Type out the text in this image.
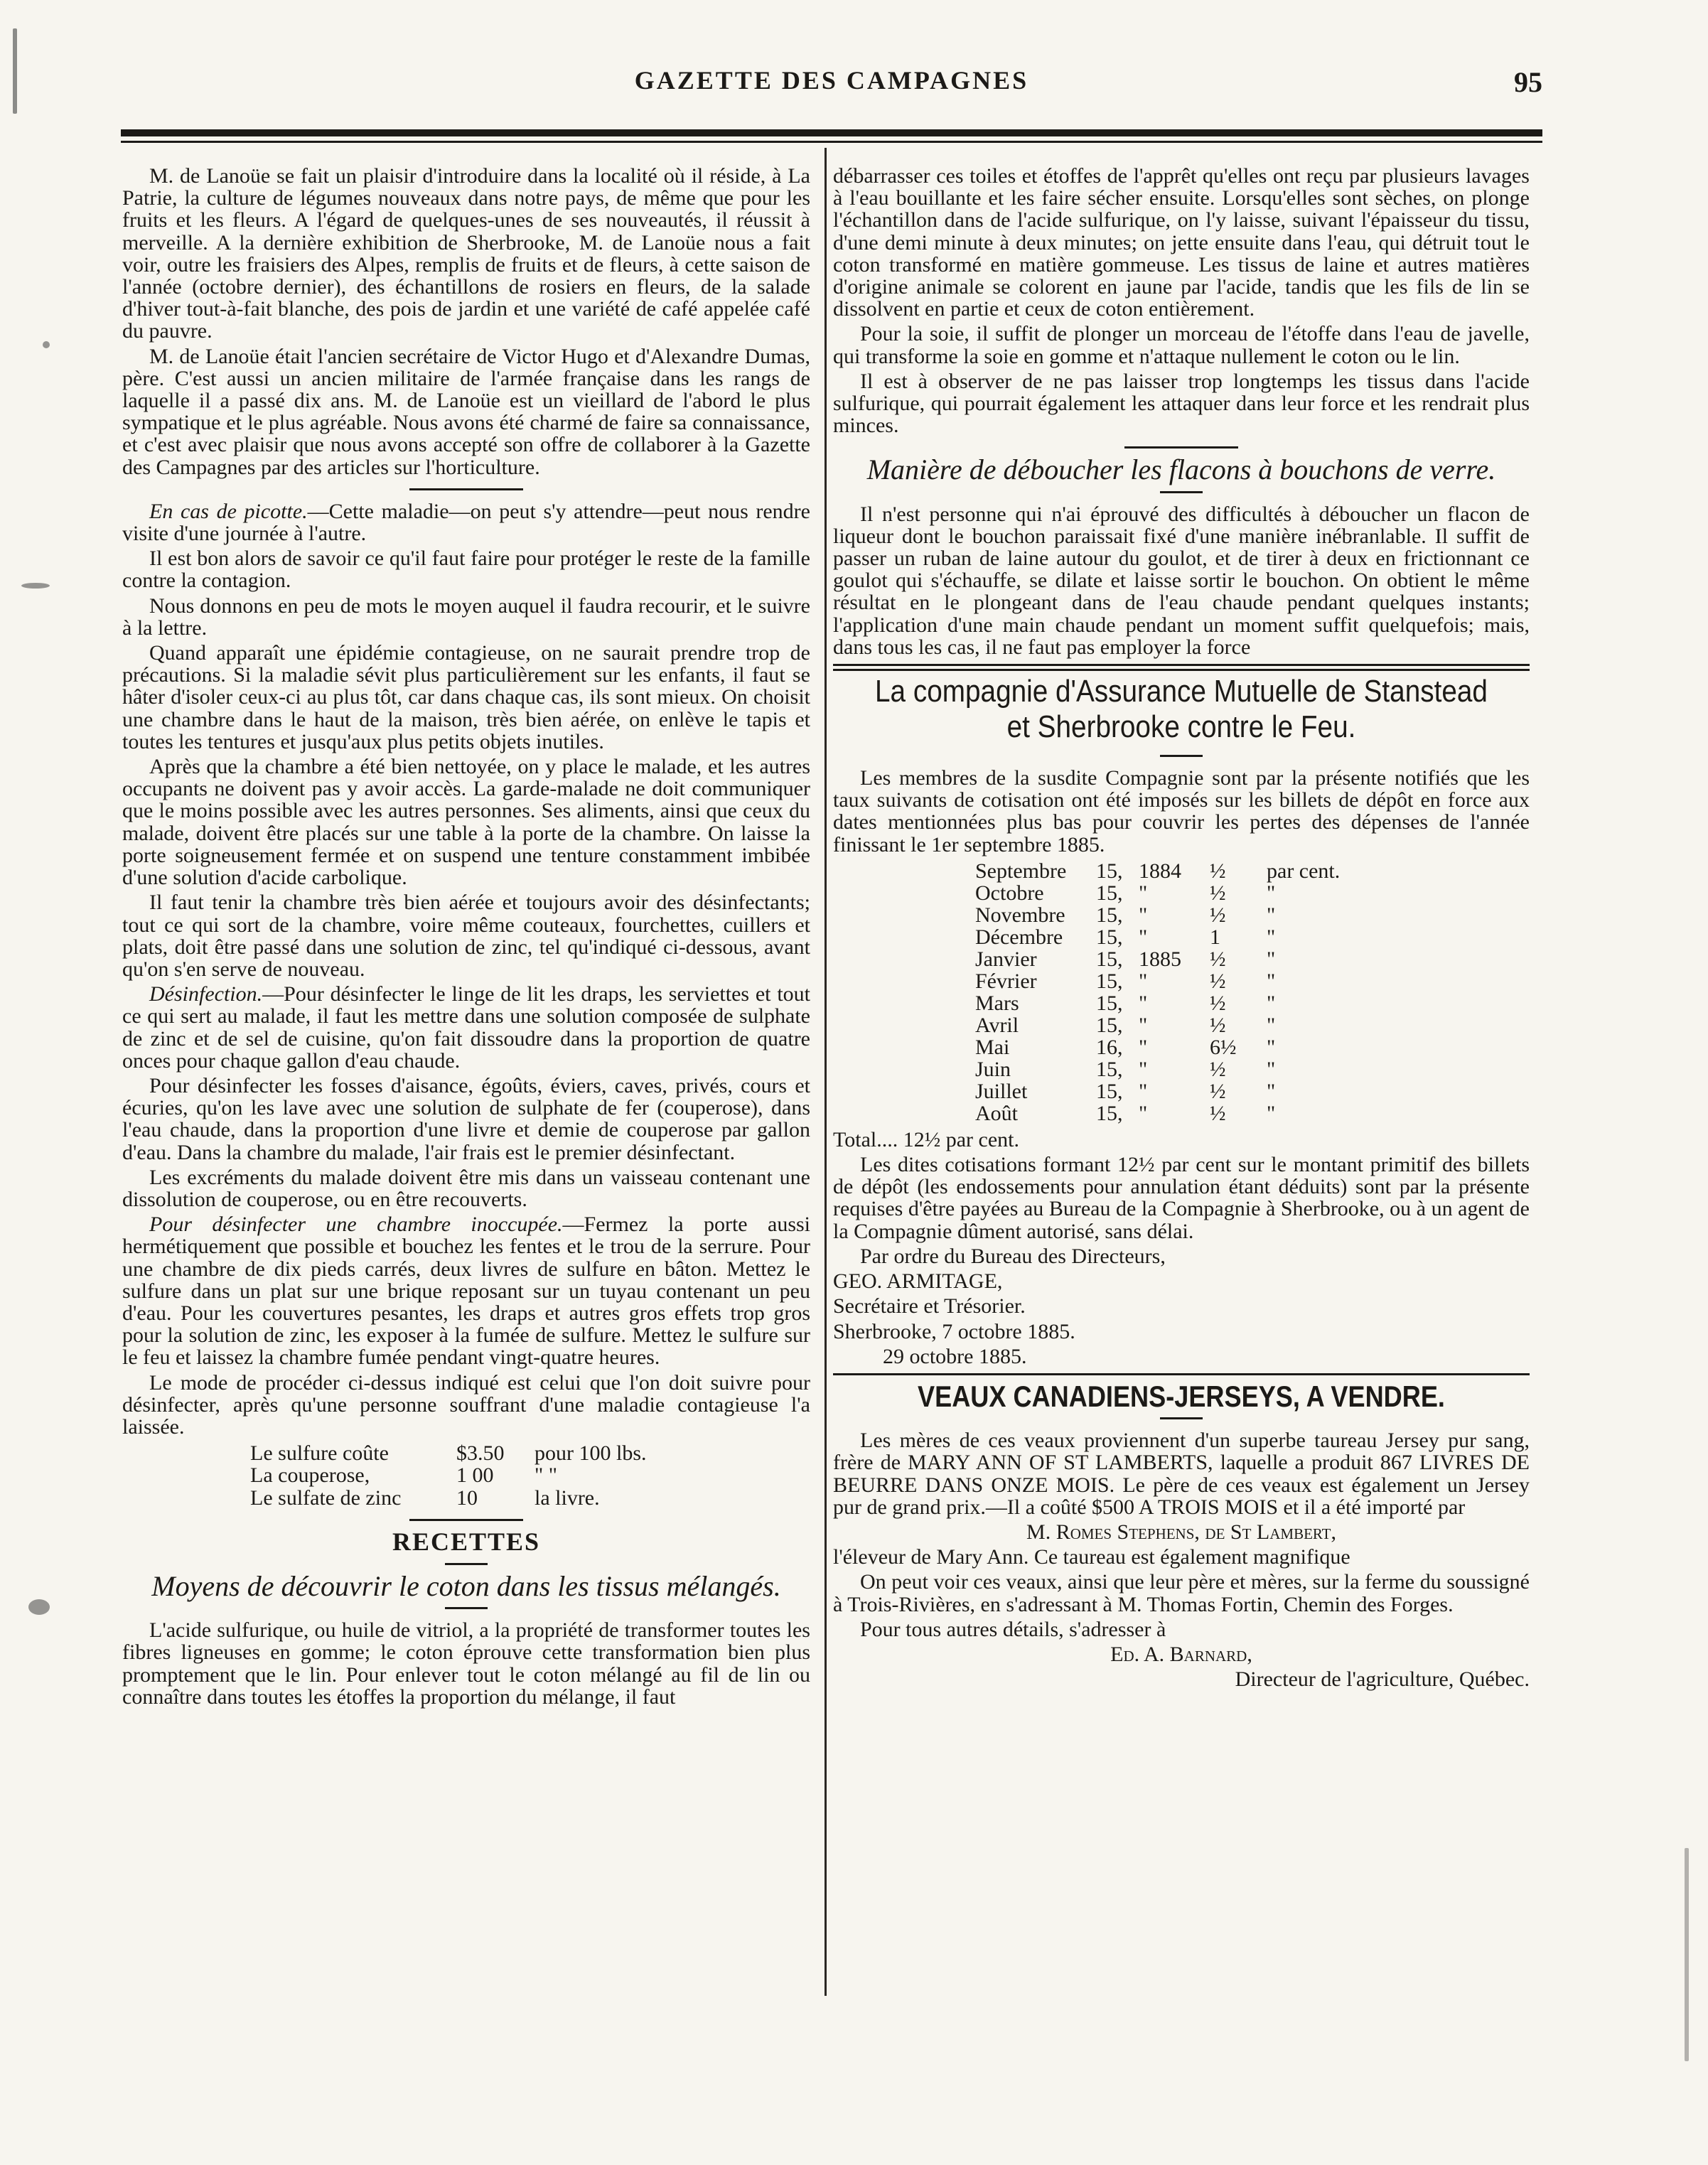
GAZETTE DES CAMPAGNES	95

M. de Lanoüe se fait un plaisir d'introduire dans la localité où il réside, à La Patrie, la culture de légumes nouveaux dans notre pays, de même que pour les fruits et les fleurs. A l'égard de quelques-unes de ses nouveautés, il réussit à merveille. A la dernière exhibition de Sherbrooke, M. de Lanoüe nous a fait voir, outre les fraisiers des Alpes, remplis de fruits et de fleurs, à cette saison de l'année (octobre dernier), des échantillons de rosiers en fleurs, de la salade d'hiver tout-à-fait blanche, des pois de jardin et une variété de café appelée café du pauvre.

M. de Lanoüe était l'ancien secrétaire de Victor Hugo et d'Alexandre Dumas, père. C'est aussi un ancien militaire de l'armée française dans les rangs de laquelle il a passé dix ans. M. de Lanoüe est un vieillard de l'abord le plus sympatique et le plus agréable. Nous avons été charmé de faire sa connaissance, et c'est avec plaisir que nous avons accepté son offre de collaborer à la Gazette des Campagnes par des articles sur l'horticulture.

En cas de picotte.—Cette maladie—on peut s'y attendre—peut nous rendre visite d'une journée à l'autre.

Il est bon alors de savoir ce qu'il faut faire pour protéger le reste de la famille contre la contagion.

Nous donnons en peu de mots le moyen auquel il faudra recourir, et le suivre à la lettre.

Quand apparaît une épidémie contagieuse, on ne saurait prendre trop de précautions. Si la maladie sévit plus particulièrement sur les enfants, il faut se hâter d'isoler ceux-ci au plus tôt, car dans chaque cas, ils sont mieux. On choisit une chambre dans le haut de la maison, très bien aérée, on enlève le tapis et toutes les tentures et jusqu'aux plus petits objets inutiles.

Après que la chambre a été bien nettoyée, on y place le malade, et les autres occupants ne doivent pas y avoir accès. La garde-malade ne doit communiquer que le moins possible avec les autres personnes. Ses aliments, ainsi que ceux du malade, doivent être placés sur une table à la porte de la chambre. On laisse la porte soigneusement fermée et on suspend une tenture constamment imbibée d'une solution d'acide carbolique.

Il faut tenir la chambre très bien aérée et toujours avoir des désinfectants; tout ce qui sort de la chambre, voire même couteaux, fourchettes, cuillers et plats, doit être passé dans une solution de zinc, tel qu'indiqué ci-dessous, avant qu'on s'en serve de nouveau.

Désinfection.—Pour désinfecter le linge de lit les draps, les serviettes et tout ce qui sert au malade, il faut les mettre dans une solution composée de sulphate de zinc et de sel de cuisine, qu'on fait dissoudre dans la proportion de quatre onces pour chaque gallon d'eau chaude.

Pour désinfecter les fosses d'aisance, égoûts, éviers, caves, privés, cours et écuries, qu'on les lave avec une solution de sulphate de fer (couperose), dans l'eau chaude, dans la proportion d'une livre et demie de couperose par gallon d'eau. Dans la chambre du malade, l'air frais est le premier désinfectant.

Les excréments du malade doivent être mis dans un vaisseau contenant une dissolution de couperose, ou en être recouverts.

Pour désinfecter une chambre inoccupée.—Fermez la porte aussi hermétiquement que possible et bouchez les fentes et le trou de la serrure. Pour une chambre de dix pieds carrés, deux livres de sulfure en bâton. Mettez le sulfure dans un plat sur une brique reposant sur un tuyau contenant un peu d'eau. Pour les couvertures pesantes, les draps et autres gros effets trop gros pour la solution de zinc, les exposer à la fumée de sulfure. Mettez le sulfure sur le feu et laissez la chambre fumée pendant vingt-quatre heures.

Le mode de procéder ci-dessus indiqué est celui que l'on doit suivre pour désinfecter, après qu'une personne souffrant d'une maladie contagieuse l'a laissée.

Le sulfure coûte	$3.50	pour 100 lbs.
La couperose,	1 00	" "
Le sulfate de zinc	10	la livre.
RECETTES
Moyens de découvrir le coton dans les tissus mélangés.

L'acide sulfurique, ou huile de vitriol, a la propriété de transformer toutes les fibres ligneuses en gomme; le coton éprouve cette transformation bien plus promptement que le lin. Pour enlever tout le coton mélangé au fil de lin ou connaître dans toutes les étoffes la proportion du mélange, il faut

débarrasser ces toiles et étoffes de l'apprêt qu'elles ont reçu par plusieurs lavages à l'eau bouillante et les faire sécher ensuite. Lorsqu'elles sont sèches, on plonge l'échantillon dans de l'acide sulfurique, on l'y laisse, suivant l'épaisseur du tissu, d'une demi minute à deux minutes; on jette ensuite dans l'eau, qui détruit tout le coton transformé en matière gommeuse. Les tissus de laine et autres matières d'origine animale se colorent en jaune par l'acide, tandis que les fils de lin se dissolvent en partie et ceux de coton entièrement.

Pour la soie, il suffit de plonger un morceau de l'étoffe dans l'eau de javelle, qui transforme la soie en gomme et n'attaque nullement le coton ou le lin.

Il est à observer de ne pas laisser trop longtemps les tissus dans l'acide sulfurique, qui pourrait également les attaquer dans leur force et les rendrait plus minces.

Manière de déboucher les flacons à bouchons de verre.

Il n'est personne qui n'ai éprouvé des difficultés à déboucher un flacon de liqueur dont le bouchon paraissait fixé d'une manière inébranlable. Il suffit de passer un ruban de laine autour du goulot, et de tirer à deux en frictionnant ce goulot qui s'échauffe, se dilate et laisse sortir le bouchon. On obtient le même résultat en le plongeant dans de l'eau chaude pendant quelques instants; l'application d'une main chaude pendant un moment suffit quelquefois; mais, dans tous les cas, il ne faut pas employer la force

La compagnie d'Assurance Mutuelle de Stanstead
et Sherbrooke contre le Feu.

Les membres de la susdite Compagnie sont par la présente notifiés que les taux suivants de cotisation ont été imposés sur les billets de dépôt en force aux dates mentionnées plus bas pour couvrir les pertes des dépenses de l'année finissant le 1er septembre 1885.

Septembre	15, 1884	½	par cent.
Octobre	15, "	½	"
Novembre	15, "	½	"
Décembre	15, "	1	"
Janvier	15, 1885	½	"
Février	15, "	½	"
Mars	15, "	½	"
Avril	15, "	½	"
Mai	16, "	6½	"
Juin	15, "	½	"
Juillet	15, "	½	"
Août	15, "	½	"

Total.... 12½ par cent.

Les dites cotisations formant 12½ par cent sur le montant primitif des billets de dépôt (les endossements pour annulation étant déduits) sont par la présente requises d'être payées au Bureau de la Compagnie à Sherbrooke, ou à un agent de la Compagnie dûment autorisé, sans délai.

Par ordre du Bureau des Directeurs,

GEO. ARMITAGE,

Secrétaire et Trésorier.

Sherbrooke, 7 octobre 1885.

29 octobre 1885.

VEAUX CANADIENS-JERSEYS, A VENDRE.

Les mères de ces veaux proviennent d'un superbe taureau Jersey pur sang, frère de MARY ANN OF ST LAMBERTS, laquelle a produit 867 LIVRES DE BEURRE DANS ONZE MOIS. Le père de ces veaux est également un Jersey pur de grand prix.—Il a coûté $500 A TROIS MOIS et il a été importé par

M. Romes Stephens, de St Lambert,

l'éleveur de Mary Ann. Ce taureau est également magnifique

On peut voir ces veaux, ainsi que leur père et mères, sur la ferme du soussigné à Trois-Rivières, en s'adressant à M. Thomas Fortin, Chemin des Forges.

Pour tous autres détails, s'adresser à

Ed. A. Barnard,

Directeur de l'agriculture, Québec.
